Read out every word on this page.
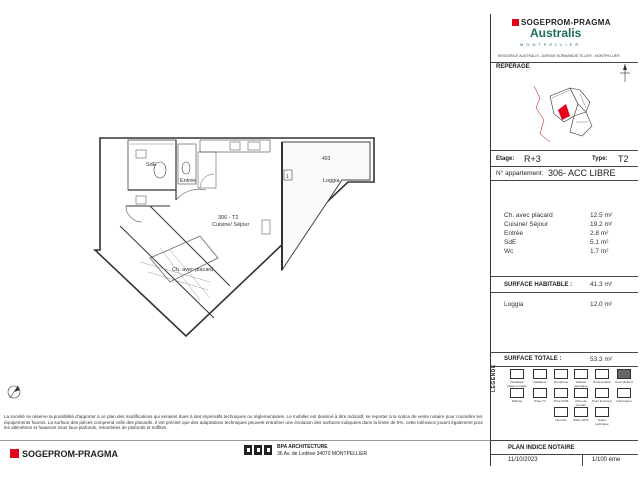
306 - T2
Cuisine/ Séjour
Loggia
403
Entrée
SdE
Ch. avec placard
1
SOGEPROM-PRAGMA
Australis
MONTPELLIER
RESIDENCE AUSTRALIS - AVENUE NORMANDIE TILLIER - MONTPELLIER
REPERAGE
Etage: R+3	Type: T2
N° appartement: 306- ACC LIBRE
Ch. avec placard	12.5 m²
Cuisine/ Séjour	19.2 m²
Entrée	2.8 m²
SdE	5.1 m²
Wc	1.7 m²
SURFACE HABITABLE :	41.3 m²
Loggia	12.0 m²
SURFACE TOTALE :	53.3 m²
LEGENDE	Ventilation basse et haute
Radiateur	Interphone	Tableau électrique
Porte-fenêtre	Faux plafond
Robinet	Prise TV	Prise RJ45	Prise de courant
Point lumineux	Interrupteur
Nourrice	Ballon ECS	Gaine technique
PLAN INDICE NOTAIRE
11/10/2023	1/100 ème
La société se réserve la possibilité d'apporter à ce plan des modifications qui seraient dues à des impératifs techniques ou réglementaires. Le mobilier est dessiné à titre indicatif, se reporter à la notice de vente notaire pour connaître les équipements fournis. La surface des pièces comprend celle des placards. Il est précisé que des adaptations techniques peuvent entraîner une évolution des surfaces indiquées dans la limite de 5%, cette tolérance jouant également pour les altimétries et hauteurs sous faux-plafonds, retombées de plafonds et soffites.
SOGEPROM-PRAGMA
BPA ARCHITECTURE
36 Av. de Lodève 34070 MONTPELLIER
